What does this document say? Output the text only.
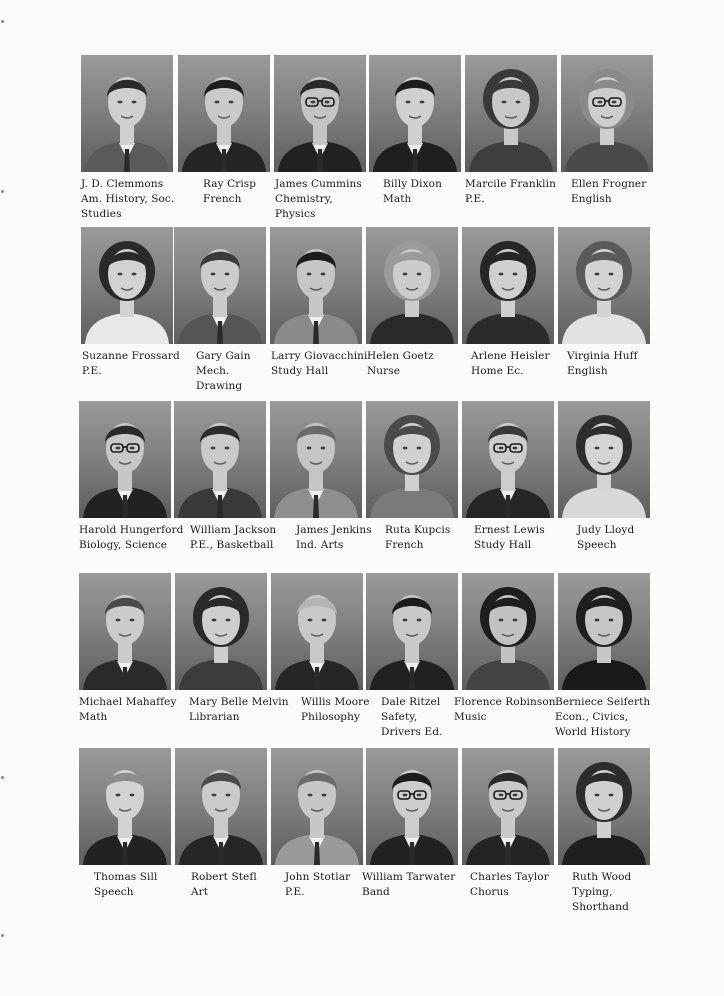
J. D. Clemmons
Am. History, Soc.
Studies
Ray Crisp
French
James Cummins
Chemistry,
Physics
Billy Dixon
Math
Marcile Franklin
P.E.
Ellen Frogner
English
Suzanne Frossard
P.E.
Gary Gain
Mech.
Drawing
Larry Giovacchini
Study Hall
Helen Goetz
Nurse
Arlene Heisler
Home Ec.
Virginia Huff
English
Harold Hungerford
Biology, Science
William Jackson
P.E., Basketball
James Jenkins
Ind. Arts
Ruta Kupcis
French
Ernest Lewis
Study Hall
Judy Lloyd
Speech
Michael Mahaffey
Math
Mary Belle Melvin
Librarian
Willis Moore
Philosophy
Dale Ritzel
Safety,
Drivers Ed.
Florence Robinson
Music
Berniece Seiferth
Econ., Civics,
World History
Thomas Sill
Speech
Robert Stefl
Art
John Stotlar
P.E.
William Tarwater
Band
Charles Taylor
Chorus
Ruth Wood
Typing,
Shorthand
